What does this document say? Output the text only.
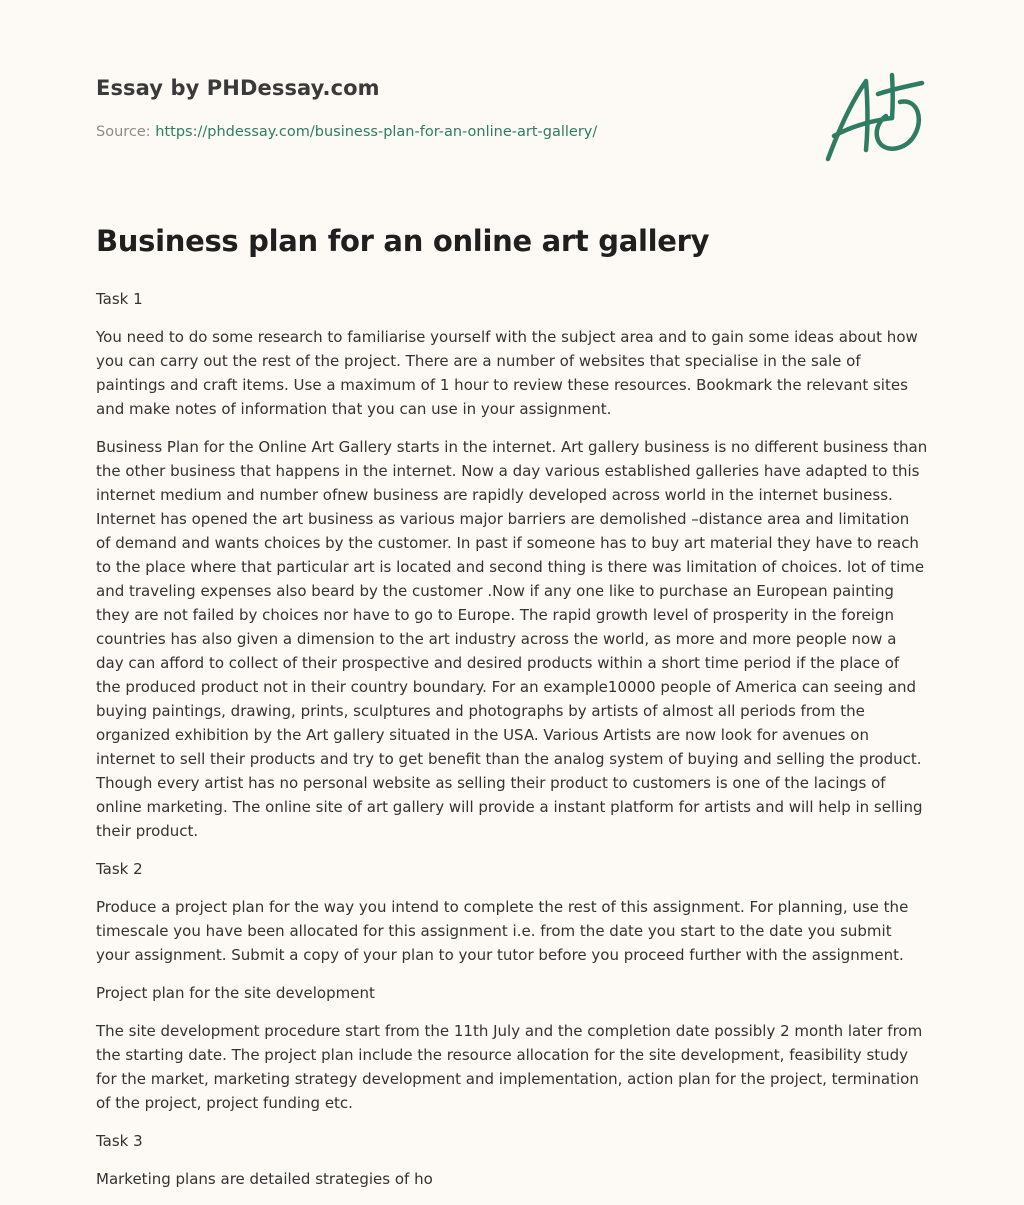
Essay by PHDessay.com

Source: https://phdessay.com/business-plan-for-an-online-art-gallery/

Business plan for an online art gallery

Task 1

You need to do some research to familiarise yourself with the subject area and to gain some ideas about how you can carry out the rest of the project. There are a number of websites that specialise in the sale of paintings and craft items. Use a maximum of 1 hour to review these resources. Bookmark the relevant sites and make notes of information that you can use in your assignment.

Business Plan for the Online Art Gallery starts in the internet. Art gallery business is no different business than the other business that happens in the internet. Now a day various established galleries have adapted to this internet medium and number ofnew business are rapidly developed across world in the internet business. Internet has opened the art business as various major barriers are demolished –distance area and limitation of demand and wants choices by the customer. In past if someone has to buy art material they have to reach to the place where that particular art is located and second thing is there was limitation of choices. lot of time and traveling expenses also beard by the customer .Now if any one like to purchase an European painting they are not failed by choices nor have to go to Europe. The rapid growth level of prosperity in the foreign countries has also given a dimension to the art industry across the world, as more and more people now a day can afford to collect of their prospective and desired products within a short time period if the place of the produced product not in their country boundary. For an example10000 people of America can seeing and buying paintings, drawing, prints, sculptures and photographs by artists of almost all periods from the organized exhibition by the Art gallery situated in the USA. Various Artists are now look for avenues on internet to sell their products and try to get benefit than the analog system of buying and selling the product. Though every artist has no personal website as selling their product to customers is one of the lacings of online marketing. The online site of art gallery will provide a instant platform for artists and will help in selling their product.

Task 2

Produce a project plan for the way you intend to complete the rest of this assignment. For planning, use the timescale you have been allocated for this assignment i.e. from the date you start to the date you submit your assignment. Submit a copy of your plan to your tutor before you proceed further with the assignment.

Project plan for the site development

The site development procedure start from the 11th July and the completion date possibly 2 month later from the starting date. The project plan include the resource allocation for the site development, feasibility study for the market, marketing strategy development and implementation, action plan for the project, termination of the project, project funding etc.

Task 3

Marketing plans are detailed strategies of ho
